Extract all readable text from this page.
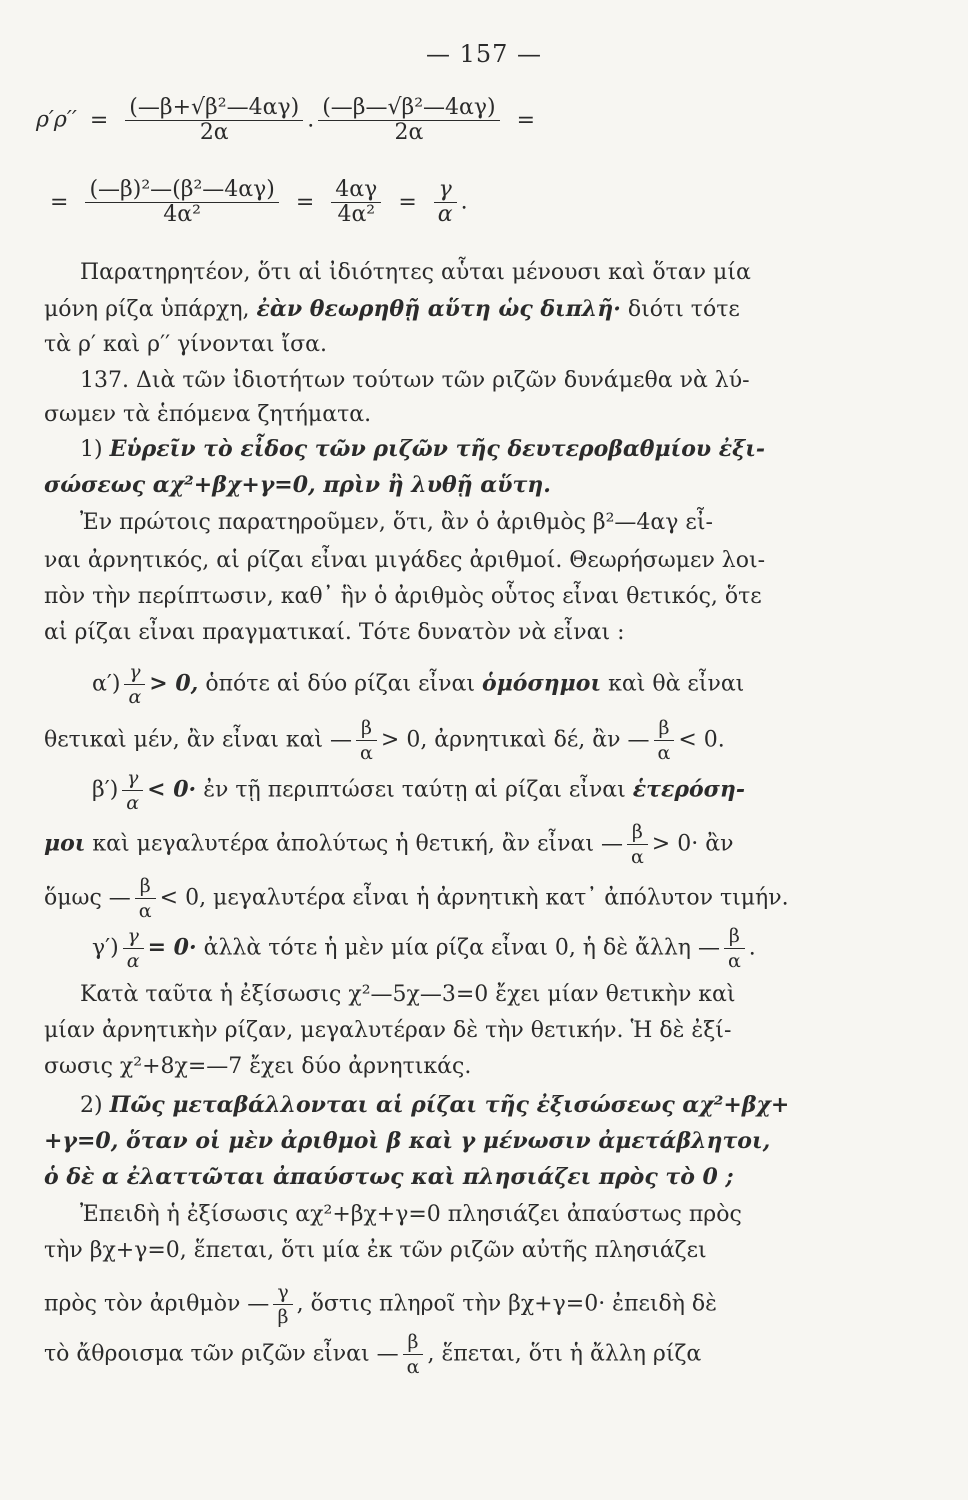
— 157 —
$\rho'\rho'' = \frac{\text{(—β+√β²—4αγ)}}{2\alpha}$ . $\frac{\text{(—β—√β²—4αγ)}}{2\alpha}$ =
= $\frac{\text{(—β)²—(β²—4αγ)}}{\text{4α²}} = \frac{4\alpha\gamma}{\text{4α²}} = \frac{\gamma}{\alpha}$ .
Παρατηρητέον, ὅτι αἱ ἰδιότητες αὗται μένουσι καὶ ὅταν μία
μόνη ρίζα ὑπάρχη, ἐὰν θεωρηθῇ αὕτη ὡς διπλῆ· διότι τότε
τὰ ρ′ καὶ ρ′′ γίνονται ἴσα.
137. Διὰ τῶν ἰδιοτήτων τούτων τῶν ριζῶν δυνάμεθα νὰ λύ-
σωμεν τὰ ἑπόμενα ζητήματα.
1) Εὑρεῖν τὸ εἶδος τῶν ριζῶν τῆς δευτεροβαθμίου ἐξι-
σώσεως αχ²+βχ+γ=0, πρὶν ἢ λυθῇ αὕτη.
Ἐν πρώτοις παρατηροῦμεν, ὅτι, ἂν ὁ ἀριθμὸς β²—4αγ εἶ-
ναι ἀρνητικός, αἱ ρίζαι εἶναι μιγάδες ἀριθμοί. Θεωρήσωμεν λοι-
πὸν τὴν περίπτωσιν, καθ᾽ ἣν ὁ ἀριθμὸς οὗτος εἶναι θετικός, ὅτε
αἱ ρίζαι εἶναι πραγματικαί. Τότε δυνατὸν νὰ εἶναι :
$\alpha') \frac{\gamma}{\alpha} > 0$, ὁπότε αἱ δύο ρίζαι εἶναι ὁμόσημοι καὶ θὰ εἶναι
θετικαὶ μέν, ἂν εἶναι καὶ — $\frac{\beta}{\alpha} > 0$, ἀρνητικαὶ δέ, ἂν — $\frac{\beta}{\alpha} < 0$.
$\beta') \frac{\gamma}{\alpha} < 0\cdot$ ἐν τῇ περιπτώσει ταύτῃ αἱ ρίζαι εἶναι ἑτερόση-
μοι καὶ μεγαλυτέρα ἀπολύτως ἡ θετική, ἂν εἶναι — $\frac{\beta}{\alpha} > 0\cdot$ ἂν
ὅμως — $\frac{\beta}{\alpha} < 0$, μεγαλυτέρα εἶναι ἡ ἀρνητικὴ κατ᾽ ἀπόλυτον τιμήν.
$\gamma') \frac{\gamma}{\alpha} = 0\cdot$ ἀλλὰ τότε ἡ μὲν μία ρίζα εἶναι 0, ἡ δὲ ἄλλη — $\frac{\beta}{\alpha}$ .
Κατὰ ταῦτα ἡ ἐξίσωσις χ²—5χ—3=0 ἔχει μίαν θετικὴν καὶ
μίαν ἀρνητικὴν ρίζαν, μεγαλυτέραν δὲ τὴν θετικήν. Ἡ δὲ ἐξί-
σωσις χ²+8χ=—7 ἔχει δύο ἀρνητικάς.
2) Πῶς μεταβάλλονται αἱ ρίζαι τῆς ἐξισώσεως αχ²+βχ+
+γ=0, ὅταν οἱ μὲν ἀριθμοὶ β καὶ γ μένωσιν ἀμετάβλητοι,
ὁ δὲ α ἐλαττῶται ἀπαύστως καὶ πλησιάζει πρὸς τὸ 0 ;
Ἐπειδὴ ἡ ἐξίσωσις αχ²+βχ+γ=0 πλησιάζει ἀπαύστως πρὸς
τὴν βχ+γ=0, ἕπεται, ὅτι μία ἐκ τῶν ριζῶν αὐτῆς πλησιάζει
πρὸς τὸν ἀριθμὸν — $\frac{\gamma}{\beta}$ , ὅστις πληροῖ τὴν βχ+γ=0· ἐπειδὴ δὲ
τὸ ἄθροισμα τῶν ριζῶν εἶναι — $\frac{\beta}{\alpha}$ , ἕπεται, ὅτι ἡ ἄλλη ρίζα
